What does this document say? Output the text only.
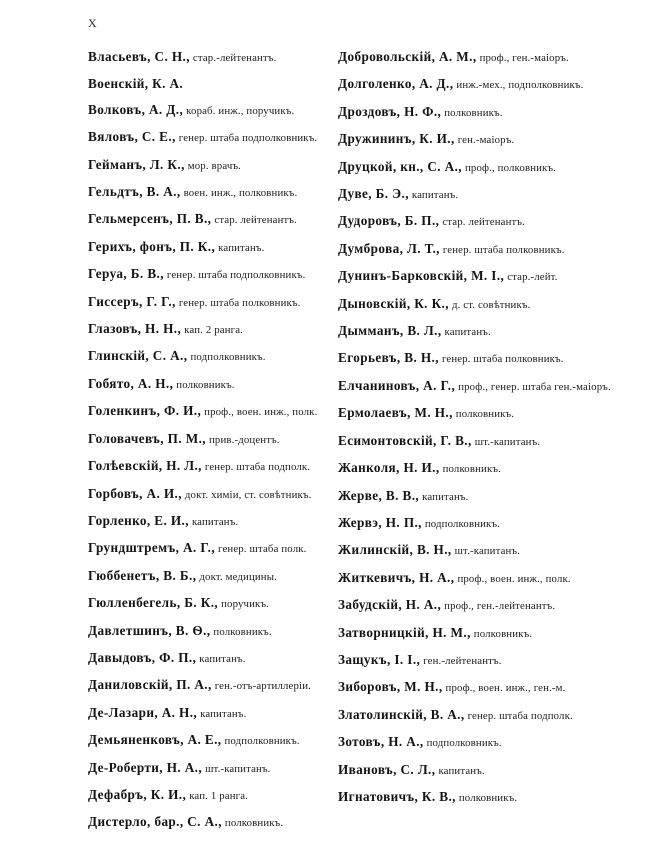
X
Власьевъ, С. Н., стар.-лейтенантъ.
Военскій, К. А.
Волковъ, А. Д., кораб. инж., поручикъ.
Вяловъ, С. Е., генер. штаба подполковникъ.
Гейманъ, Л. К., мор. врачъ.
Гельдтъ, В. А., воен. инж., полковникъ.
Гельмерсенъ, П. В., стар. лейтенантъ.
Герихъ, фонъ, П. К., капитанъ.
Геруа, Б. В., генер. штаба подполковникъ.
Гиссеръ, Г. Г., генер. штаба полковникъ.
Глазовъ, Н. Н., кап. 2 ранга.
Глинскій, С. А., подполковникъ.
Гобято, А. Н., полковникъ.
Голенкинъ, Ф. И., проф., воен. инж., полк.
Головачевъ, П. М., прив.-доцентъ.
Голѣевскій, Н. Л., генер. штаба подполк.
Горбовъ, А. И., докт. химіи, ст. совѣтникъ.
Горленко, Е. И., капитанъ.
Грундштремъ, А. Г., генер. штаба полк.
Гюббенетъ, В. Б., докт. медицины.
Гюлленбегель, Б. К., поручикъ.
Давлетшинъ, В. Ѳ., полковникъ.
Давыдовъ, Ф. П., капитанъ.
Даниловскій, П. А., ген.-отъ-артиллеріи.
Де-Лазари, А. Н., капитанъ.
Демьяненковъ, А. Е., подполковникъ.
Де-Роберти, Н. А., шт.-капитанъ.
Дефабръ, К. И., кап. 1 ранга.
Дистерло, бар., С. А., полковникъ.
Добровольскій, А. М., проф., ген.-маіоръ.
Долголенко, А. Д., инж.-мех., подполковникъ.
Дроздовъ, Н. Ф., полковникъ.
Дружининъ, К. И., ген.-маіоръ.
Друцкой, кн., С. А., проф., полковникъ.
Дуве, Б. Э., капитанъ.
Дудоровъ, Б. П., стар. лейтенантъ.
Думброва, Л. Т., генер. штаба полковникъ.
Дунинъ-Барковскій, М. І., стар.-лейт.
Дыновскій, К. К., д. ст. совѣтникъ.
Дымманъ, В. Л., капитанъ.
Егорьевъ, В. Н., генер. штаба полковникъ.
Елчаниновъ, А. Г., проф., генер. штаба ген.-маіоръ.
Ермолаевъ, М. Н., полковникъ.
Есимонтовскій, Г. В., шт.-капитанъ.
Жанколя, Н. И., полковникъ.
Жерве, В. В., капитанъ.
Жервэ, Н. П., подполковникъ.
Жилинскій, В. Н., шт.-капитанъ.
Житкевичъ, Н. А., проф., воен. инж., полк.
Забудскій, Н. А., проф., ген.-лейтенантъ.
Затворницкій, Н. М., полковникъ.
Защукъ, І. І., ген.-лейтенантъ.
Зиборовъ, М. Н., проф., воен. инж., ген.-м.
Златолинскій, В. А., генер. штаба подполк.
Зотовъ, Н. А., подполковникъ.
Ивановъ, С. Л., капитанъ.
Игнатовичъ, К. В., полковникъ.
